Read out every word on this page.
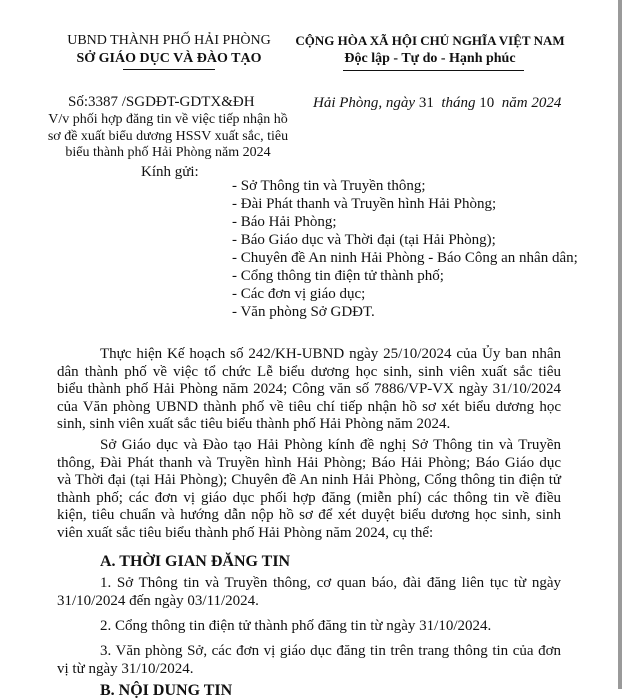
UBND THÀNH PHỐ HẢI PHÒNG
SỞ GIÁO DỤC VÀ ĐÀO TẠO
CỘNG HÒA XÃ HỘI CHỦ NGHĨA VIỆT NAM
Độc lập - Tự do - Hạnh phúc
Số:3387 /SGDĐT-GDTX&ĐH
V/v phối hợp đăng tin về việc tiếp nhận hồ
sơ đề xuất biểu dương HSSV xuất sắc, tiêu
biểu thành phố Hải Phòng năm 2024
Hải Phòng, ngày 31  tháng 10  năm 2024
Kính gửi:
- Sở Thông tin và Truyền thông;
- Đài Phát thanh và Truyền hình Hải Phòng;
- Báo Hải Phòng;
- Báo Giáo dục và Thời đại (tại Hải Phòng);
- Chuyên đề An ninh Hải Phòng - Báo Công an nhân dân;
- Cổng thông tin điện tử thành phố;
- Các đơn vị giáo dục;
- Văn phòng Sở GDĐT.
Thực hiện Kế hoạch số 242/KH-UBND ngày 25/10/2024 của Ủy ban nhân
dân thành phố về việc tổ chức Lễ biểu dương học sinh, sinh viên xuất sắc tiêu
biểu thành phố Hải Phòng năm 2024; Công văn số 7886/VP-VX ngày 31/10/2024
của Văn phòng UBND thành phố về tiêu chí tiếp nhận hồ sơ xét biểu dương học
sinh, sinh viên xuất sắc tiêu biểu thành phố Hải Phòng năm 2024.
Sở Giáo dục và Đào tạo Hải Phòng kính đề nghị Sở Thông tin và Truyền
thông, Đài Phát thanh và Truyền hình Hải Phòng; Báo Hải Phòng; Báo Giáo dục
và Thời đại (tại Hải Phòng); Chuyên đề An ninh Hải Phòng, Cổng thông tin điện tử
thành phố; các đơn vị giáo dục phối hợp đăng (miễn phí) các thông tin về điều
kiện, tiêu chuẩn và hướng dẫn nộp hồ sơ để xét duyệt biểu dương học sinh, sinh
viên xuất sắc tiêu biểu thành phố Hải Phòng năm 2024, cụ thể:
A. THỜI GIAN ĐĂNG TIN
1. Sở Thông tin và Truyền thông, cơ quan báo, đài đăng liên tục từ ngày
31/10/2024 đến ngày 03/11/2024.
2. Cổng thông tin điện tử thành phố đăng tin từ ngày 31/10/2024.
3. Văn phòng Sở, các đơn vị giáo dục đăng tin trên trang thông tin của đơn
vị từ ngày 31/10/2024.
B. NỘI DUNG TIN
